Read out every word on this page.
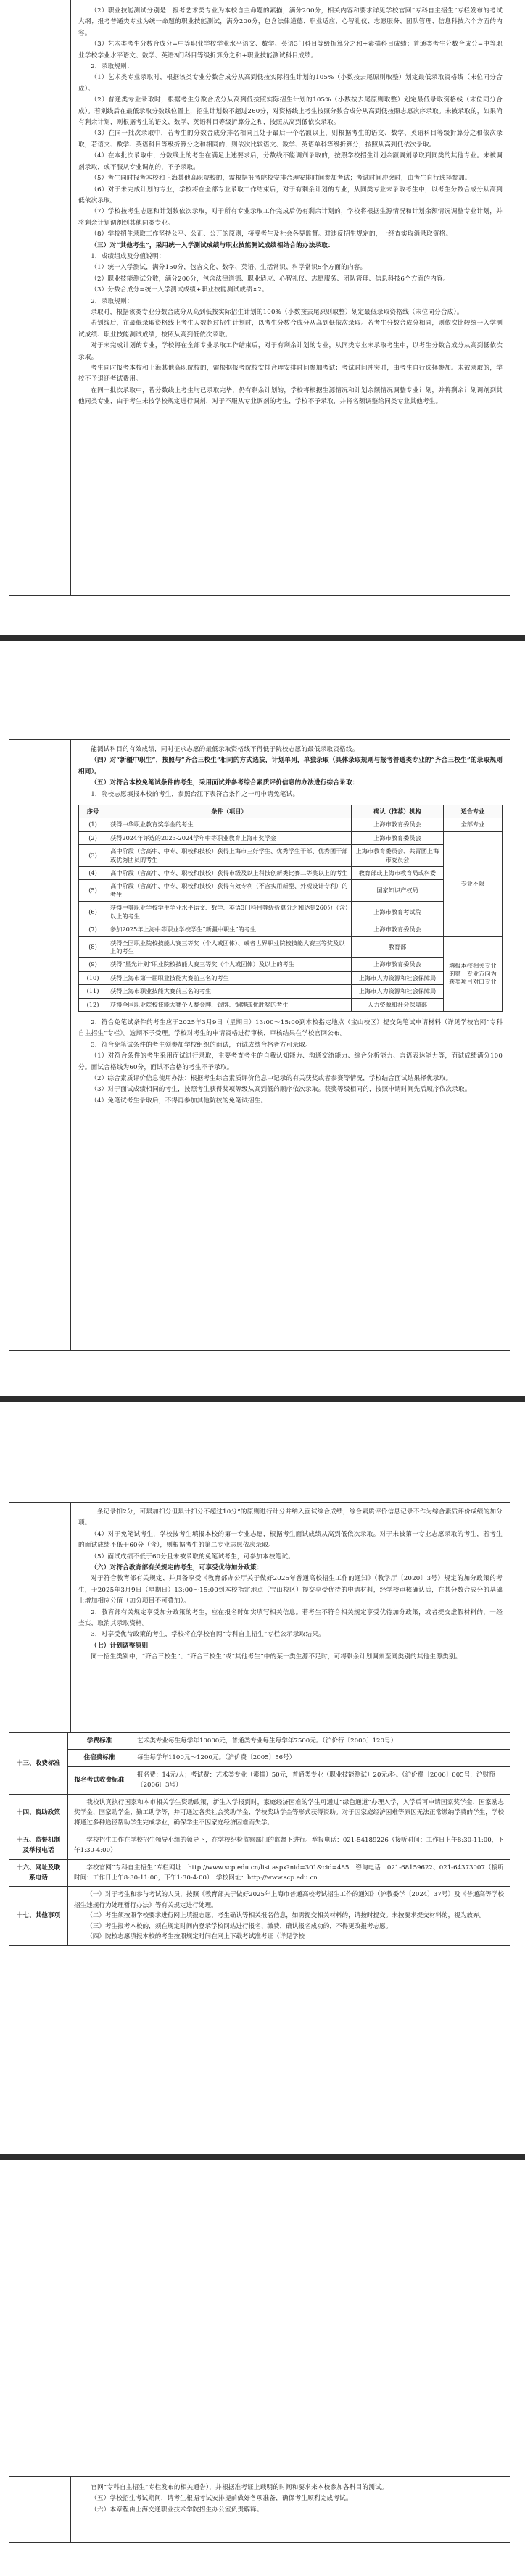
（2）职业技能测试分别是：报考艺术类专业为本校自主命题的素描，满分200分，相关内容和要求详见学校官网“专科自主招生”专栏发布的考试大纲；报考普通类专业为统一命题的职业技能测试，满分200分，包含法律道德、职业适应、心智礼仪、志愿服务、团队管理、信息科技六个方面的内容。

（3）艺术类考生分数合成分=中等职业学校学业水平语文、数学、英语3门科目等级折算分之和+素描科目成绩；普通类考生分数合成分=中等职业学校学业水平语文、数学、英语3门科目等级折算分之和+职业技能测试科目成绩。

2．录取规则：

（1）艺术类专业录取时，根据该类专业分数合成分从高到低按实际招生计划的105%（小数按去尾原则取整）划定最低录取资格线（末位同分合成）。

（2）普通类专业录取时，根据考生分数合成分从高到低按照实际招生计划的105%（小数按去尾原则取整）划定最低录取资格线（末位同分合成）。若划线后在最低录取分数线位置上，招生计划数不超过260分，对资格线上考生按照分数合成分从高到低按照志愿次序录取。未被录取的，如果尚有剩余计划，则根据考生的语文、数学、英语科目等级折算分之和，按照从高到低依次录取。

（3）在同一批次录取中，若考生的分数合成分排名相同且处于最后一个名额以上，则根据考生的语文、数学、英语科目等级折算分之和依次录取，若语文、数学、英语科目等级折算分之和相同的，则依次比较语文、数学、英语单科等级折算分，按照从高到低依次录取。

（4）在本批次录取中，分数线上的考生在满足上述要求后，分数线不能调剂录取的，按照学校招生计划余额调剂录取到同类的其他专业。未被调剂录取，或不服从专业调剂的，不予录取。

（5）考生同时报考本校和上海其他高职院校的，需根据报考院校安排合理安排时间参加考试；考试时间冲突时，由考生自行选择参加。

（6）对于未完成计划的专业，学校将在全部专业录取工作结束后，对于有剩余计划的专业，从同类专业未录取考生中，以考生分数合成分从高到低依次录取。

（7）学校按考生志愿和计划数依次录取，对于所有专业录取工作完成后仍有剩余计划的，学校将根据生源情况和计划余额情况调整专业计划，并将剩余计划调剂到其他同类专业。

（8）学校招生录取工作坚持公平、公正、公开的原则，接受考生及社会各界监督。对违反招生规定的，一经查实取消录取资格。

（三）对“其他考生”，采用统一入学测试成绩与职业技能测试成绩相结合的办法录取：

1．成绩组成及分值说明：

（1）统一入学测试，满分150分，包含文化、数学、英语、生活常识、科学常识5个方面的内容。

（2）职业技能测试分数，满分200分，包含法律道德、职业适应、心智礼仪、志愿服务、团队管理、信息科技6个方面的内容。

（3）分数合成分=统一入学测试成绩+职业技能测试成绩×2。

2．录取规则：

录取时，根据该类专业分数合成分从高到低按实际招生计划的100%（小数按去尾原则取整）划定最低录取资格线（末位同分合成）。

若划线后，在最低录取资格线上考生人数超过招生计划时，以考生分数合成分从高到低依次录取。若考生分数合成分相同，则依次比较统一入学测试成绩、职业技能测试成绩，按照从高到低依次录取。

对于未完成计划的专业，学校将在全部专业录取工作结束后，对于有剩余计划的专业，从同类专业未录取考生中，以考生分数合成分从高到低依次录取。

考生同时报考本校和上海其他高职院校的，需根据报考院校安排合理安排时间参加考试；考试时间冲突时，由考生自行选择参加。未被录取的，学校不予退还考试费用。

在同一批次录取中，若分数线上考生均已录取完毕，仍有剩余计划的，学校将根据生源情况和计划余额情况调整专业计划，并将剩余计划调剂到其他同类专业，由于考生未按学校规定进行调剂，对于不服从专业调剂的考生，学校不予录取，并将名额调整给同类专业其他考生。

能测试科目的有效成绩，同时征求志愿的最低录取资格线不得低于院校志愿的最低录取资格线。

（四）对“新疆中职生”，按照与“齐合三校生”相同的方式选拔，计划单列，单独录取（具体录取规则与报考普通类专业的“齐合三校生”的录取规则相同）。

（五）对符合本校免笔试条件的考生，采用面试并参考综合素质评价信息的办法进行综合录取：

1．院校志愿填报本校的考生，参照台江下表符合条件之一可申请免笔试。

序号	条件（项目）	确认（推荐）机构	适合专业
(1)	获得中华职业教育奖学金的考生	上海市教育委员会	全部专业
(2)	获得2024年评选的2023-2024学年中等职业教育上海市奖学金	上海市教育委员会	专业不限
(3)	高中阶段（含高中、中专、职校和技校）获得上海市三好学生、优秀学生干部、优秀团干部或优秀团员的考生	上海市教育委员会、共青团上海市委员会	
(4)	高中阶段（含高中、中专、职校和技校）获得市级及以上科技创新类比赛二等奖以上的考生	教育部或上海市教育局或科委	
(5)	高中阶段（含高中、中专、职校和技校）获得有效专利（不含实用新型、外观设计专利）的考生	国家知识产权局	
(6)	获得中等职业学校学生学业水平语文、数学、英语3门科目等级折算分之和达到260分（含）以上的考生	上海市教育考试院	
(7)	参加2025年上海中等职业学校学生“新疆中职生”的考生	上海市教育委员会	
(8)	获得全国职业院校技能大赛三等奖（个人或团体）、或者世界职业院校技能大赛三等奖及以上的考生	教育部	填报本校相关专业的第一专业方向为获奖项目对口专业
(9)	获得“星光计划”职业院校技能大赛三等奖（个人或团体）及以上的考生	上海市教育委员会	
(10)	获得上海市第一届职业技能大赛前三名的考生	上海市人力资源和社会保障局	
(11)	获得上海市职业技能大赛前三名的考生	上海市人力资源和社会保障局	
(12)	获得全国职业院校技能大赛个人赛金牌、银牌、铜牌或优胜奖的考生	人力资源和社会保障部	

2．符合免笔试条件的考生应于2025年3月9日（星期日）13:00～15:00到本校指定地点（宝山校区）提交免笔试申请材料（详见学校官网“专科自主招生”专栏）。逾期不予受理。学校对考生的申请资格进行审核，审核结果在学校官网公布。

3．符合免笔试条件的考生须参加学校组织的面试，面试成绩合格者方可录取。

（1）对符合条件的考生采用面试进行录取，主要考查考生的自我认知能力、沟通交流能力、综合分析能力、言语表达能力等，面试成绩满分100分。面试合格线为60分，面试不合格的考生不予录取。

（2）综合素质评价信息使用办法：根据考生综合素质评价信息中记录的有关获奖或者参赛等情况，学校结合面试结果择优录取。

（3）对于面试成绩相同的考生，按照考生获得奖项等级从高到低的顺序依次录取。获奖等级相同的，按照申请时间先后顺序依次录取。

（4）免笔试考生录取后，不得再参加其他院校的免笔试招生。

一条记录扣2分，可累加扣分但累计扣分不超过10分”的原则进行计分并纳入面试综合成绩，综合素质评价信息记录不作为综合素质评价成绩的加分项。

（4）对于免笔试考生，学校按考生填报本校的第一专业志愿，根据考生面试成绩从高到低依次录取。对于未被第一专业志愿录取的考生，若考生的面试成绩不低于60分（含），则根据考生的第二专业志愿依次录取。

（5）面试成绩不低于60分且未被录取的免笔试考生，可参加本校笔试。

（六）对符合教育部有关规定的考生，可享受优待加分政策：

对于符合教育部有关规定、并具备享受《教育部办公厅关于做好2025年普通高校招生工作的通知》（教学厅〔2020〕3号）规定的加分政策的考生，于2025年3月9日（星期日）13:00～15:00到本校指定地点（宝山校区）提交享受优待的申请材料，经学校审核确认后，在其分数合成分的基础上增加相应分值（加分项目不可叠加）。

2．教育部有关规定享受加分政策的考生，应在报名时如实填写相关信息。若考生不符合相关规定享受优待加分政策，或者提交虚假材料的，一经查实，取消其录取资格。

3．对享受优待政策的考生，学校将在学校官网“专科自主招生”专栏公示录取结果。

（七）计划调整原则

同一招生类别中，“齐合三校生”、“齐合三校生”或“其他考生”中的某一类生源不足时，可将剩余计划调剂至同类别的其他生源类别。

十三、收费标准	学费标准	艺术类专业每生每学年10000元，普通类专业每生每学年7500元。（沪价行〔2000〕120号）
	住宿费标准	每生每学年1100元～1200元。（沪价费〔2005〕56号）
	报名考试收费标准	报名费：14元/人；考试费：艺术类专业（素描）50元，普通类专业（职业技能测试）20元/科。（沪价费〔2006〕005号，沪财预〔2006〕3号）
十四、资助政策	我校认真执行国家和本市相关学生资助政策，新生入学报到时，家庭经济困难的学生可通过“绿色通道”办理入学，入学后可申请国家奖学金、国家励志奖学金、国家助学金、勤工助学等，并可通过各类社会奖助学金、学校奖助学金等形式获得资助。对于因家庭经济困难等原因无法正常缴纳学费的学生，学校将通过多种途径帮助学生完成学业，确保学生不因家庭经济困难而失学。	

十五、监督机制及举报电话	学校招生工作在学校招生领导小组的领导下，在学校纪检监察部门的监督下进行。举报电话：021-54189226（接听时间：工作日上午8:30-11:00，下午1:30-4:00）	

十六、网址及联系电话	学校官网“专科自主招生”专栏网址：http://www.scp.edu.cn/list.aspx?nid=301&cid=485　咨询电话：021-68159622、021-64373007（接听时间：工作日上午8:30-11:00，下午1:30-4:00）　学校网址：http://www.scp.edu.cn	

十七、其他事项	（一）对于考生和参与考试的人员，按照《教育部关于做好2025年上海市普通高校考试招生工作的通知》（沪教委学〔2024〕37号）及《普通高等学校招生违规行为处理暂行办法》等有关规定进行处理。

（二）考生须按照学校要求进行网上填报志愿、考生确认等相关报名信息，如需提交相关材料的，请按时提交。未按要求提交材料的，视为放弃。

（三）考生报考本校的，须在规定时间内登录学校网站进行报名、缴费，确认报名成功的，不得更改报考志愿。

（四）院校志愿填报本校的考生按照规定时间在网上下载考试准考证（详见学校	

官网“专科自主招生”专栏发布的相关通告），并根据准考证上载明的时间和要求来本校参加各科目的测试。

（五）学校招生考试期间，请考生根据考试安排提前做好各项准备，确保考生顺利完成考试。

（六）本章程由上海交通职业技术学院招生办公室负责解释。
